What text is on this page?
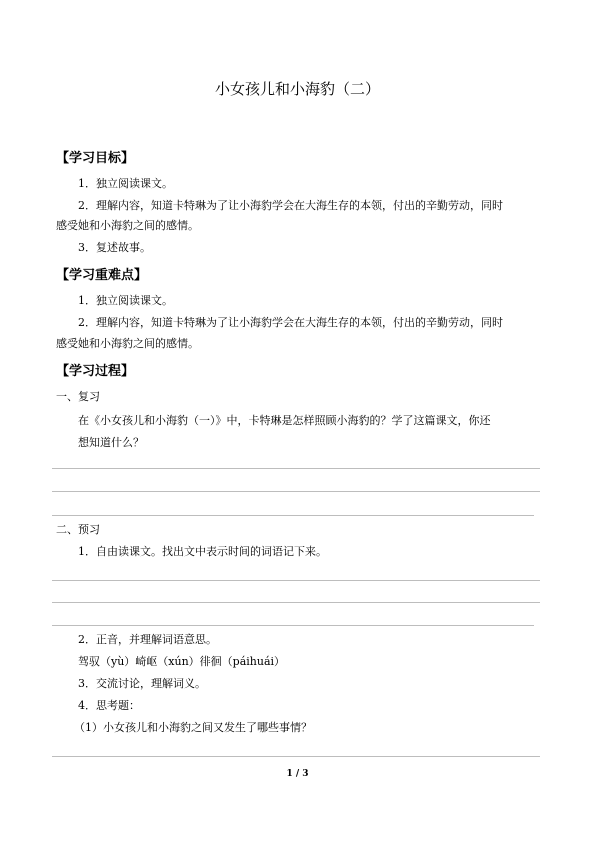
小女孩儿和小海豹（二）
【学习目标】
1．独立阅读课文。
2．理解内容，知道卡特琳为了让小海豹学会在大海生存的本领，付出的辛勤劳动，同时
感受她和小海豹之间的感情。
3．复述故事。
【学习重难点】
1．独立阅读课文。
2．理解内容，知道卡特琳为了让小海豹学会在大海生存的本领，付出的辛勤劳动，同时
感受她和小海豹之间的感情。
【学习过程】
一、复习
在《小女孩儿和小海豹（一）》中，卡特琳是怎样照顾小海豹的？学了这篇课文，你还
想知道什么？
二、预习
1．自由读课文。找出文中表示时间的词语记下来。
2．正音，并理解词语意思。
驾驭（yù）崎岖（xún）徘徊（páihuái）
3．交流讨论，理解词义。
4．思考题：
（1）小女孩儿和小海豹之间又发生了哪些事情？
1 / 3
